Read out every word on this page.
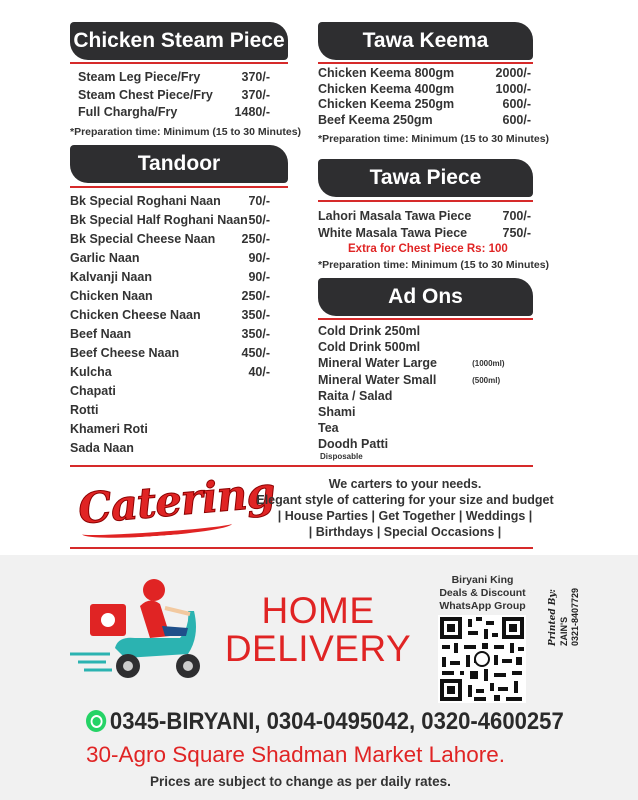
Chicken Steam Piece
Steam Leg Piece/Fry	370/-
Steam Chest Piece/Fry 370/-
Full Chargha/Fry	1480/-
*Preparation time: Minimum (15 to 30 Minutes)
Tandoor
Bk Special Roghani Naan 70/-
Bk Special Half Roghani Naan 50/-
Bk Special Cheese Naan 250/-
Garlic Naan	90/-
Kalvanji Naan	90/-
Chicken Naan	250/-
Chicken Cheese Naan	350/-
Beef Naan	350/-
Beef Cheese Naan	450/-
Kulcha	40/-
Chapati
Rotti
Khameri Roti
Sada Naan
Tawa Keema
Chicken Keema 800gm	2000/-
Chicken Keema 400gm	1000/-
Chicken Keema 250gm	600/-
Beef Keema 250gm	600/-
*Preparation time: Minimum (15 to 30 Minutes)
Tawa Piece
Lahori Masala Tawa Piece 700/-
White Masala Tawa Piece	750/-
Extra for Chest Piece Rs: 100
*Preparation time: Minimum (15 to 30 Minutes)
Ad Ons
Cold Drink 250ml
Cold Drink 500ml
Mineral Water Large	(1000ml)
Mineral Water Small	(500ml)
Raita / Salad
Shami
Tea
Doodh Patti
Disposable
Catering	We carters to your needs.
Elegant style of cattering for your size and budget
| House Parties | Get Together | Weddings |
| Birthdays | Special Occasions |
HOME
DELIVERY
Biryani King
Deals & Discount
WhatsApp Group	Printed By: ZAIN'S 0321-8407729
0345-BIRYANI, 0304-0495042, 0320-4600257
30-Agro Square Shadman Market Lahore.
Prices are subject to change as per daily rates.
